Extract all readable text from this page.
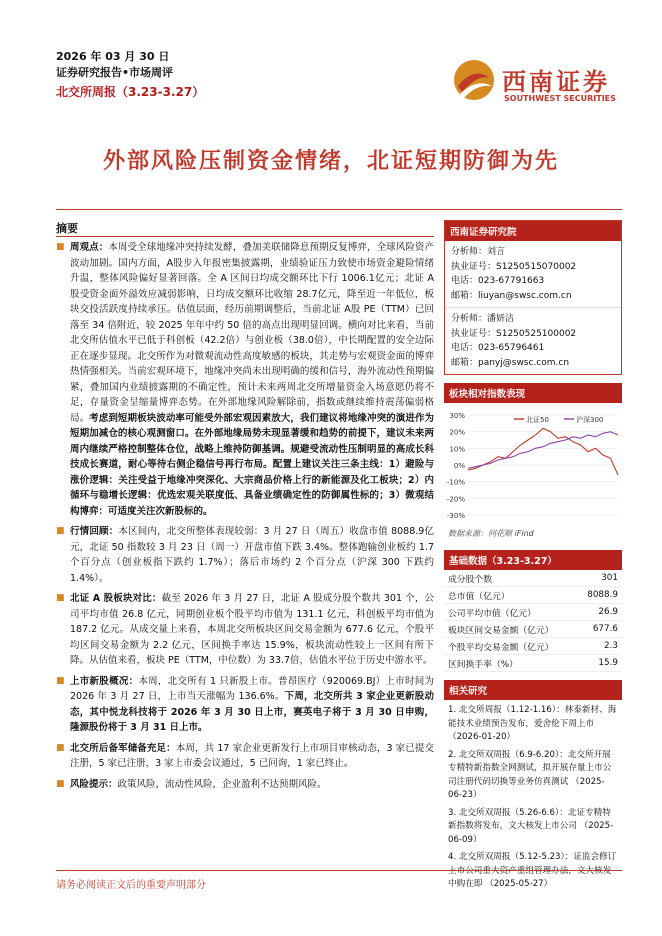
2026 年 03 月 30 日
证券研究报告•市场周评
北交所周报（3.23-3.27）	西南证券
SOUTHWEST SECURITIES
外部风险压制资金情绪，北证短期防御为先
摘要
■ 周观点：本周受全球地缘冲突持续发酵，叠加美联储降息预期反复博弈，全球风险资产波动加剧。国内方面，A股步入年报密集披露期，业绩验证压力致使市场资金避险情绪升温，整体风险偏好显著回落。全 A 区间日均成交额环比下行 1006.1亿元；北证 A 股受资金面外溢效应减弱影响，日均成交额环比收缩 28.7亿元，降至近一年低位，板块交投活跃度持续承压。估值层面，经历前期调整后，当前北证 A股 PE（TTM）已回落至 34 倍附近，较 2025 年年中约 50 倍的高点出现明显回调。横向对比来看，当前北交所估值水平已低于科创板（42.2倍）与创业板（38.0倍），中长期配置的安全边际正在逐步显现。北交所作为对微观流动性高度敏感的板块，其走势与宏观资金面的博弈热情强相关。当前宏观环境下，地缘冲突尚未出现明确的缓和信号，海外流动性预期偏紧，叠加国内业绩披露期的不确定性，预计未来两周北交所增量资金入场意愿仍将不足，存量资金呈缩量博弈态势。在外部地缘风险解除前，指数或继续维持震荡偏弱格局。考虑到短期板块波动率可能受外部宏观因素放大，我们建议将地缘冲突的演进作为短期加减仓的核心观测窗口。在外部地缘局势未现显著缓和趋势的前提下，建议未来两周内继续严格控制整体仓位，战略上维持防御基调。规避受流动性压制明显的高成长科技成长赛道，耐心等待右侧企稳信号再行布局。配置上建议关注三条主线：1）避险与涨价逻辑：关注受益于地缘冲突深化、大宗商品价格上行的新能源及化工板块；2）内循环与稳增长逻辑：优选宏观关联度低、具备业绩确定性的防御属性标的；3）微观结构博弈：可适度关注次新股标的。
■ 行情回顾：本区间内，北交所整体表现较弱：3 月 27 日（周五）收盘市值 8088.9亿元，北证 50 指数较 3 月 23 日（周一）开盘市值下跌 3.4%。整体跑输创业板约 1.7 个百分点（创业板指下跌约 1.7%）；落后市场约 2 个百分点（沪深 300 下跌约 1.4%）。
■ 北证 A 股板块对比：截至 2026 年 3 月 27 日，北证 A 股成分股个数共 301 个，公司平均市值 26.8 亿元，同期创业板个股平均市值为 131.1 亿元，科创板平均市值为 187.2 亿元。从成交量上来看，本周北交所板块区间交易金额为 677.6 亿元，个股平均区间交易金额为 2.2 亿元，区间换手率达 15.9%，板块流动性较上一区间有所下降。从估值来看，板块 PE（TTM，中位数）为 33.7倍，估值水平位于历史中游水平。
■ 上市新股概况：本周，北交所有 1 只新股上市。普昂医疗（920069.BJ）上市时间为 2026 年 3 月 27 日，上市当天涨幅为 136.6%。下周，北交所共 3 家企业更新股动态，其中悦龙科技将于 2026 年 3 月 30 日上市，赛英电子将于 3 月 30 日申购，隆源股份将于 3 月 31 日上市。
■ 北交所后备军储备充足：本周，共 17 家企业更新发行上市项目审核动态，3 家已提交注册，5 家已注册，3 家上市委会议通过，5 已问询，1 家已终止。
■ 风险提示：政策风险，流动性风险，企业盈利不达预期风险。
西南证券研究院
分析师：刘言
执业证号：S1250515070002
电话：023-67791663
邮箱：liuyan@swsc.com.cn
分析师：潘妍洁
执业证号：S1250525100002
电话：023-65796461
邮箱：panyj@swsc.com.cn
板块相对指数表现
30%
20%
10%
0%
-10%
-20%
-30%
北证50	沪深300
数据来源：同花顺 iFind
基础数据（3.23-3.27）
成分股个数	301
总市值（亿元）	8088.9
公司平均市值（亿元）	26.9
板块区间交易金额（亿元）	677.6
个股平均交易金额（亿元）	2.3
区间换手率（%）	15.9
相关研究
1. 北交所周报（1.12-1.16）：林泰新材、海能技术业绩预告发布，爱舍伦下周上市 （2026-01-20）
2. 北交所双周报（6.9-6.20）：北交所开展专精特新指数全网测试，拟开展存量上市公司注册代码切换等业务仿真测试 （2025-06-23）
3. 北交所双周报（5.26-6.6）：北证专精特新指数将发布，文大核发上市公司 （2025-06-09）
4. 北交所双周报（5.12-5.23）：证监会修订 中购在即 （2025-05-27）
请务必阅读正文后的重要声明部分
